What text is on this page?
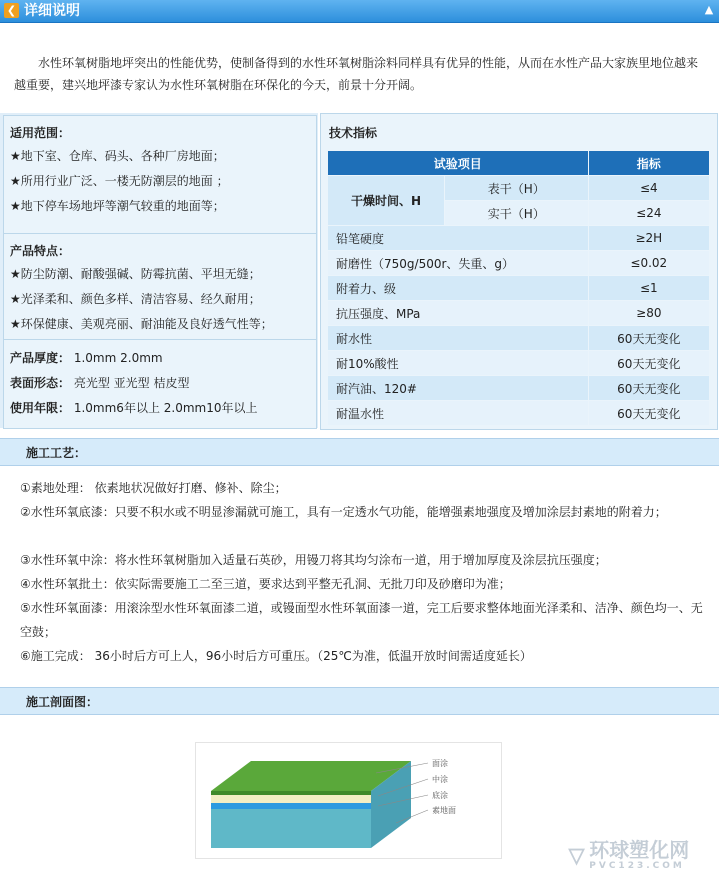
❮ 详细说明	▲

水性环氧树脂地坪突出的性能优势，使制备得到的水性环氧树脂涂料同样具有优异的性能，从而在水性产品大家族里地位越来越重要，建兴地坪漆专家认为水性环氧树脂在环保化的今天，前景十分开阔。

适用范围：
★地下室、仓库、码头、各种厂房地面；
★所用行业广泛、一楼无防潮层的地面 ；
★地下停车场地坪等潮气较重的地面等；
产品特点：
★防尘防潮、耐酸强碱、防霉抗菌、平坦无缝；
★光泽柔和、颜色多样、清洁容易、经久耐用；
★环保健康、美观亮丽、耐油能及良好透气性等；
产品厚度： 1.0mm 2.0mm
表面形态： 亮光型 亚光型 桔皮型
使用年限： 1.0mm6年以上 2.0mm10年以上
技术指标
试验项目		指标
干燥时间、H	表干（H）	≤4
	实干（H）	≤24
铅笔硬度		≥2H
耐磨性（750g/500r、失重、g）		≤0.02
附着力、级		≤1
抗压强度、MPa		≥80
耐水性		60天无变化
耐10%酸性		60天无变化
耐汽油、120#		60天无变化
耐温水性		60天无变化
施工工艺：
①素地处理： 依素地状况做好打磨、修补、除尘；
②水性环氧底漆：只要不积水或不明显渗漏就可施工，具有一定透水气功能，能增强素地强度及增加涂层封素地的附着力；
③水性环氧中涂：将水性环氧树脂加入适量石英砂，用镘刀将其均匀涂布一道，用于增加厚度及涂层抗压强度；
④水性环氧批土：依实际需要施工二至三道，要求达到平整无孔洞、无批刀印及砂磨印为准；
⑤水性环氧面漆：用滚涂型水性环氧面漆二道，或镘面型水性环氧面漆一道，完工后要求整体地面光泽柔和、洁净、颜色均一、无空鼓；
⑥施工完成： 36小时后方可上人，96小时后方可重压。（25℃为准，低温开放时间需适度延长）
施工剖面图：
面涂
中涂
底涂
素地面
▿ 环球塑化网
PVC123.COM
